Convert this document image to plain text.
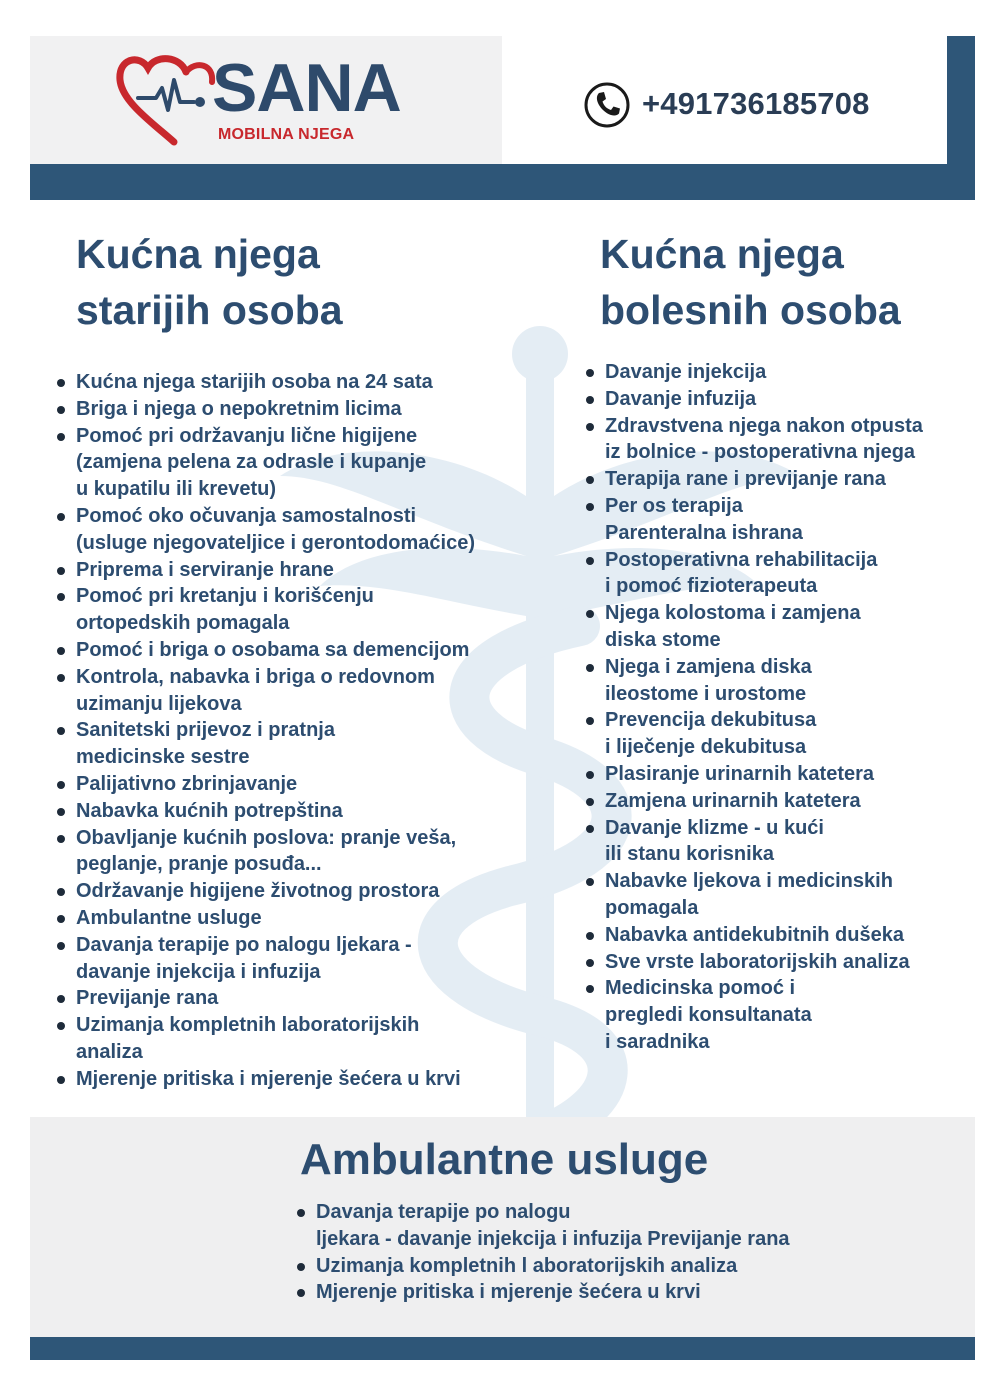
SANA
MOBILNA NJEGA
+491736185708
Kućna njega
starijih osoba
Kućna njega
bolesnih osoba
Kućna njega starijih osoba na 24 sata
Briga i njega o nepokretnim licima
Pomoć pri održavanju lične higijene
(zamjena pelena za odrasle i kupanje
u kupatilu ili krevetu)
Pomoć oko očuvanja samostalnosti
(usluge njegovateljice i gerontodomaćice)
Priprema i serviranje hrane
Pomoć pri kretanju i korišćenju
ortopedskih pomagala
Pomoć i briga o osobama sa demencijom
Kontrola, nabavka i briga o redovnom
uzimanju lijekova
Sanitetski prijevoz i pratnja
medicinske sestre
Palijativno zbrinjavanje
Nabavka kućnih potrepština
Obavljanje kućnih poslova: pranje veša,
peglanje, pranje posuđa...
Održavanje higijene životnog prostora
Ambulantne usluge
Davanja terapije po nalogu ljekara -
davanje injekcija i infuzija
Previjanje rana
Uzimanja kompletnih laboratorijskih
analiza
Mjerenje pritiska i mjerenje šećera u krvi
Davanje injekcija
Davanje infuzija
Zdravstvena njega nakon otpusta
iz bolnice - postoperativna njega
Terapija rane i previjanje rana
Per os terapija
Parenteralna ishrana
Postoperativna rehabilitacija
i pomoć fizioterapeuta
Njega kolostoma i zamjena
diska stome
Njega i zamjena diska
ileostome i urostome
Prevencija dekubitusa
i liječenje dekubitusa
Plasiranje urinarnih katetera
Zamjena urinarnih katetera
Davanje klizme - u kući
ili stanu korisnika
Nabavke ljekova i medicinskih
pomagala
Nabavka antidekubitnih dušeka
Sve vrste laboratorijskih analiza
Medicinska pomoć i
pregledi konsultanata
i saradnika
Ambulantne usluge
Davanja terapije po nalogu
ljekara - davanje injekcija i infuzija Previjanje rana
Uzimanja kompletnih l aboratorijskih analiza
Mjerenje pritiska i mjerenje šećera u krvi
